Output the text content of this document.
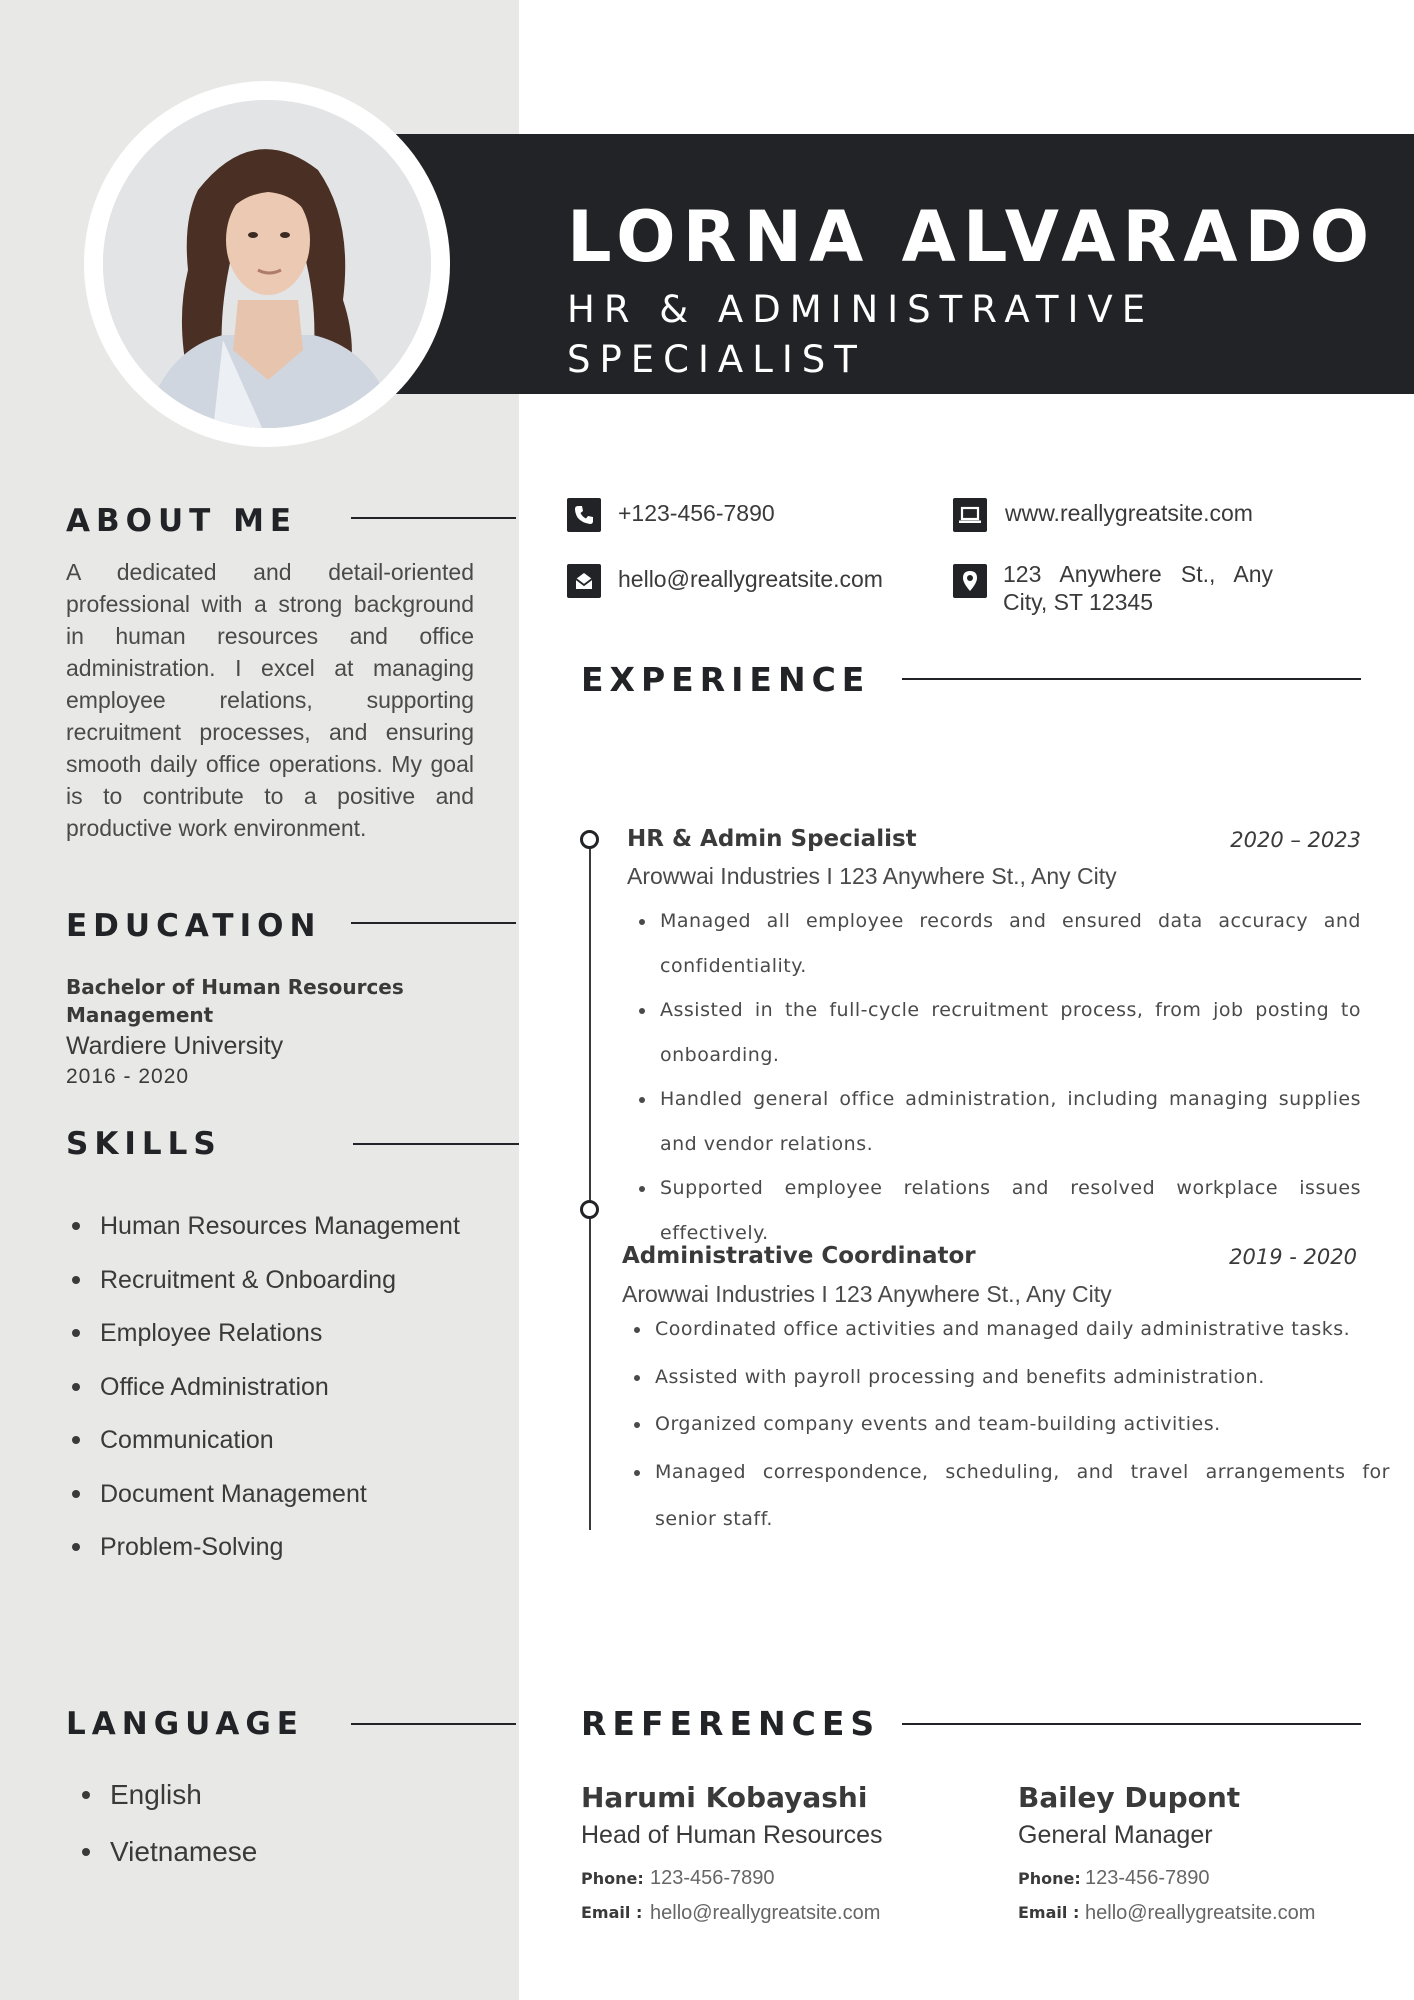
LORNA ALVARADO
HR & ADMINISTRATIVE SPECIALIST
ABOUT ME
A dedicated and detail-oriented professional with a strong background in human resources and office administration. I excel at managing employee relations, supporting recruitment processes, and ensuring smooth daily office operations. My goal is to contribute to a positive and productive work environment.
EDUCATION
Bachelor of Human Resources Management
Wardiere University
2016 - 2020
SKILLS
Human Resources Management
Recruitment & Onboarding
Employee Relations
Office Administration
Communication
Document Management
Problem-Solving
LANGUAGE
English
Vietnamese
+123-456-7890	www.reallygreatsite.com
hello@reallygreatsite.com	123 Anywhere St., Any City, ST 12345
EXPERIENCE
HR & Admin Specialist	2020 – 2023
Arowwai Industries I 123 Anywhere St., Any City
Managed all employee records and ensured data accuracy and confidentiality.
Assisted in the full-cycle recruitment process, from job posting to onboarding.
Handled general office administration, including managing supplies and vendor relations.
Supported employee relations and resolved workplace issues effectively.
Administrative Coordinator	2019 - 2020
Arowwai Industries I 123 Anywhere St., Any City
Coordinated office activities and managed daily administrative tasks.
Assisted with payroll processing and benefits administration.
Organized company events and team-building activities.
Managed correspondence, scheduling, and travel arrangements for senior staff.
REFERENCES
Harumi Kobayashi
Head of Human Resources
Phone: 123-456-7890
Email : hello@reallygreatsite.com
Bailey Dupont
General Manager
Phone: 123-456-7890
Email : hello@reallygreatsite.com
